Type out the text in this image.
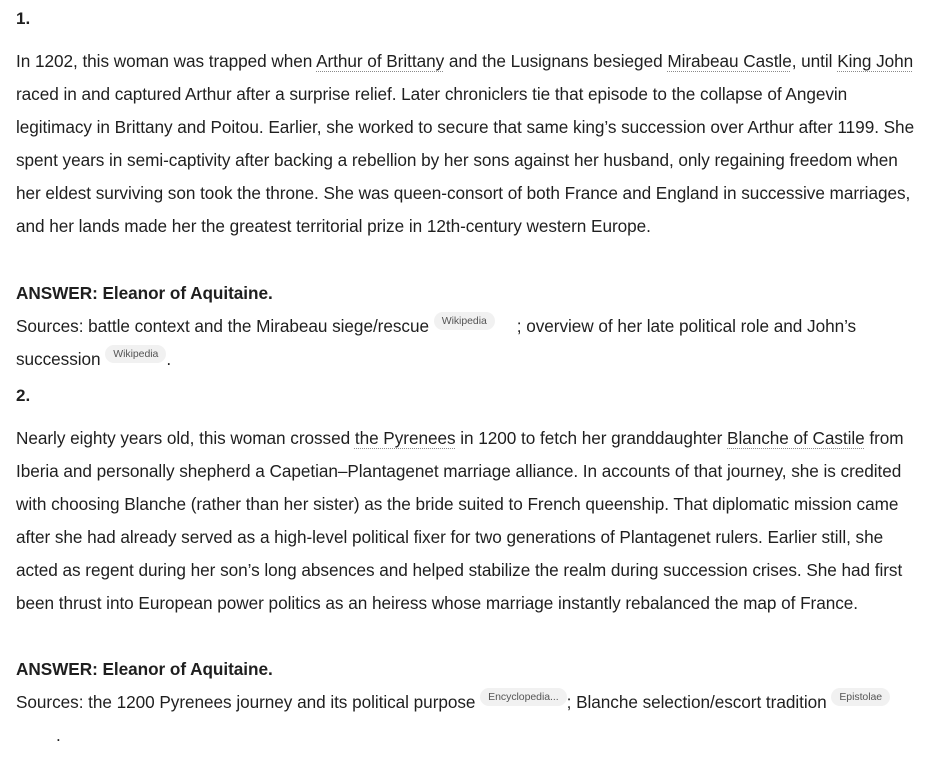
1.
In 1202, this woman was trapped when Arthur of Brittany and the Lusignans besieged Mirabeau Castle, until King John raced in and captured Arthur after a surprise relief. Later chroniclers tie that episode to the collapse of Angevin legitimacy in Brittany and Poitou. Earlier, she worked to secure that same king’s succession over Arthur after 1199. She spent years in semi-captivity after backing a rebellion by her sons against her husband, only regaining freedom when her eldest surviving son took the throne. She was queen-consort of both France and England in successive marriages, and her lands made her the greatest territorial prize in 12th-century western Europe.
ANSWER: Eleanor of Aquitaine.
Sources: battle context and the Mirabeau siege/rescue Wikipedia ; overview of her late political role and John’s succession Wikipedia .
2.
Nearly eighty years old, this woman crossed the Pyrenees in 1200 to fetch her granddaughter Blanche of Castile from Iberia and personally shepherd a Capetian–Plantagenet marriage alliance. In accounts of that journey, she is credited with choosing Blanche (rather than her sister) as the bride suited to French queenship. That diplomatic mission came after she had already served as a high-level political fixer for two generations of Plantagenet rulers. Earlier still, she acted as regent during her son’s long absences and helped stabilize the realm during succession crises. She had first been thrust into European power politics as an heiress whose marriage instantly rebalanced the map of France.
ANSWER: Eleanor of Aquitaine.
Sources: the 1200 Pyrenees journey and its political purpose Encyclopedia... ; Blanche selection/escort tradition Epistolae.
